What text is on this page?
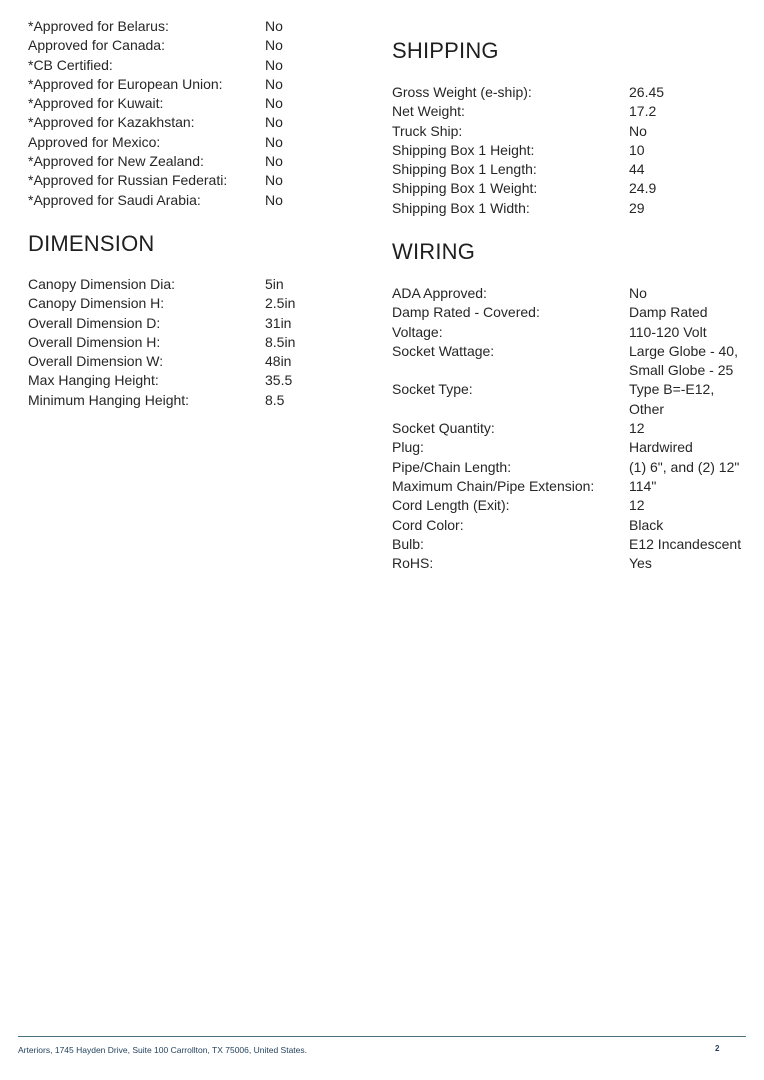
*Approved for Belarus:	No
Approved for Canada:	No
*CB Certified:	No
*Approved for European Union:	No
*Approved for Kuwait:	No
*Approved for Kazakhstan:	No
Approved for Mexico:	No
*Approved for New Zealand:	No
*Approved for Russian Federati:	No
*Approved for Saudi Arabia:	No
DIMENSION
Canopy Dimension Dia:	5in
Canopy Dimension H:	2.5in
Overall Dimension D:	31in
Overall Dimension H:	8.5in
Overall Dimension W:	48in
Max Hanging Height:	35.5
Minimum Hanging Height:	8.5
SHIPPING
Gross Weight (e-ship):	26.45
Net Weight:	17.2
Truck Ship:	No
Shipping Box 1 Height:	10
Shipping Box 1 Length:	44
Shipping Box 1 Weight:	24.9
Shipping Box 1 Width:	29
WIRING
ADA Approved:	No
Damp Rated - Covered:	Damp Rated
Voltage:	110-120 Volt
Socket Wattage:	Large Globe - 40, Small Globe - 25
Socket Type:	Type B=-E12, Other
Socket Quantity:	12
Plug:	Hardwired
Pipe/Chain Length:	(1) 6", and (2) 12"
Maximum Chain/Pipe Extension:	114"
Cord Length (Exit):	12
Cord Color:	Black
Bulb:	E12 Incandescent
RoHS:	Yes
Arteriors, 1745 Hayden Drive, Suite 100 Carrollton, TX 75006, United States.	2
